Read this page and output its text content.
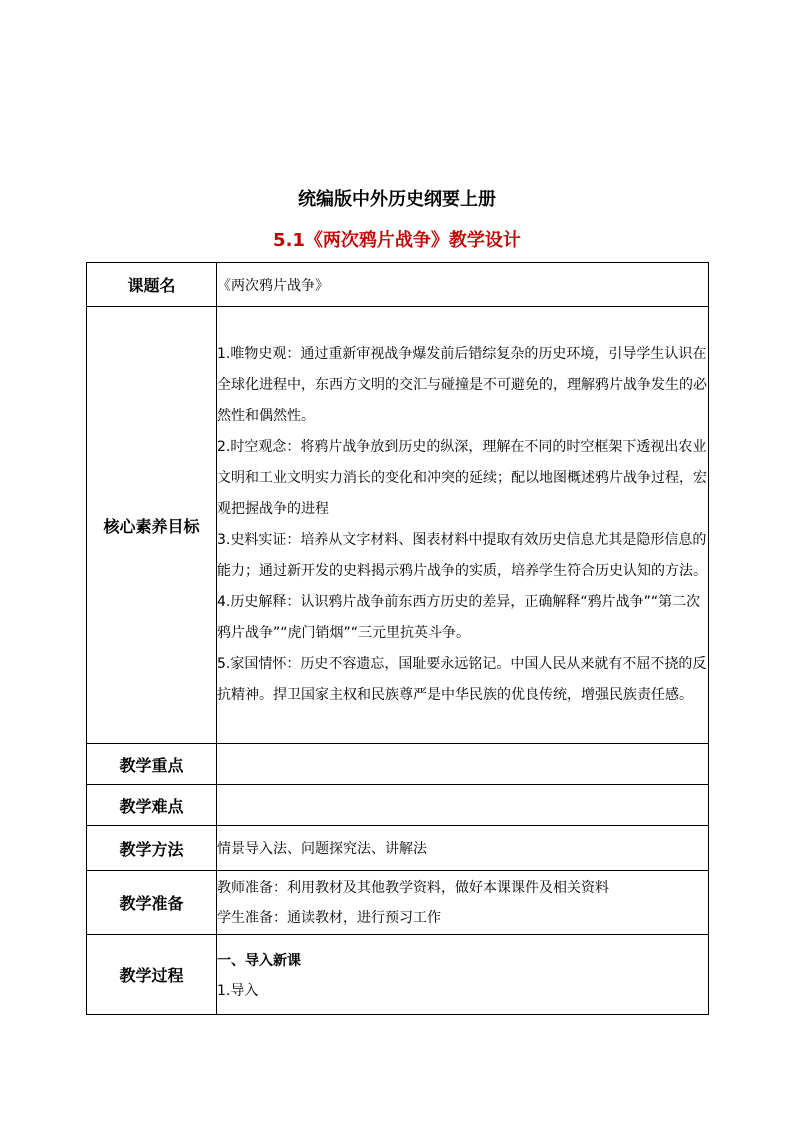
统编版中外历史纲要上册
5.1《两次鸦片战争》教学设计
课题名	《两次鸦片战争》
核心素养目标	1.唯物史观：通过重新审视战争爆发前后错综复杂的历史环境，引导学生认识在全球化进程中，东西方文明的交汇与碰撞是不可避免的，理解鸦片战争发生的必然性和偶然性。

2.时空观念：将鸦片战争放到历史的纵深，理解在不同的时空框架下透视出农业文明和工业文明实力消长的变化和冲突的延续；配以地图概述鸦片战争过程，宏观把握战争的进程

3.史料实证：培养从文字材料、图表材料中提取有效历史信息尤其是隐形信息的能力；通过新开发的史料揭示鸦片战争的实质，培养学生符合历史认知的方法。

4.历史解释：认识鸦片战争前东西方历史的差异，正确解释“鸦片战争”“第二次鸦片战争”“虎门销烟”“三元里抗英斗争。

5.家国情怀：历史不容遗忘，国耻要永远铭记。中国人民从来就有不屈不挠的反抗精神。捍卫国家主权和民族尊严是中华民族的优良传统，增强民族责任感。

教学重点	
教学难点	
教学方法	情景导入法、问题探究法、讲解法
教学准备	教师准备：利用教材及其他教学资料，做好本课课件及相关资料

学生准备：通读教材，进行预习工作

教学过程	一、导入新课
1.导入
